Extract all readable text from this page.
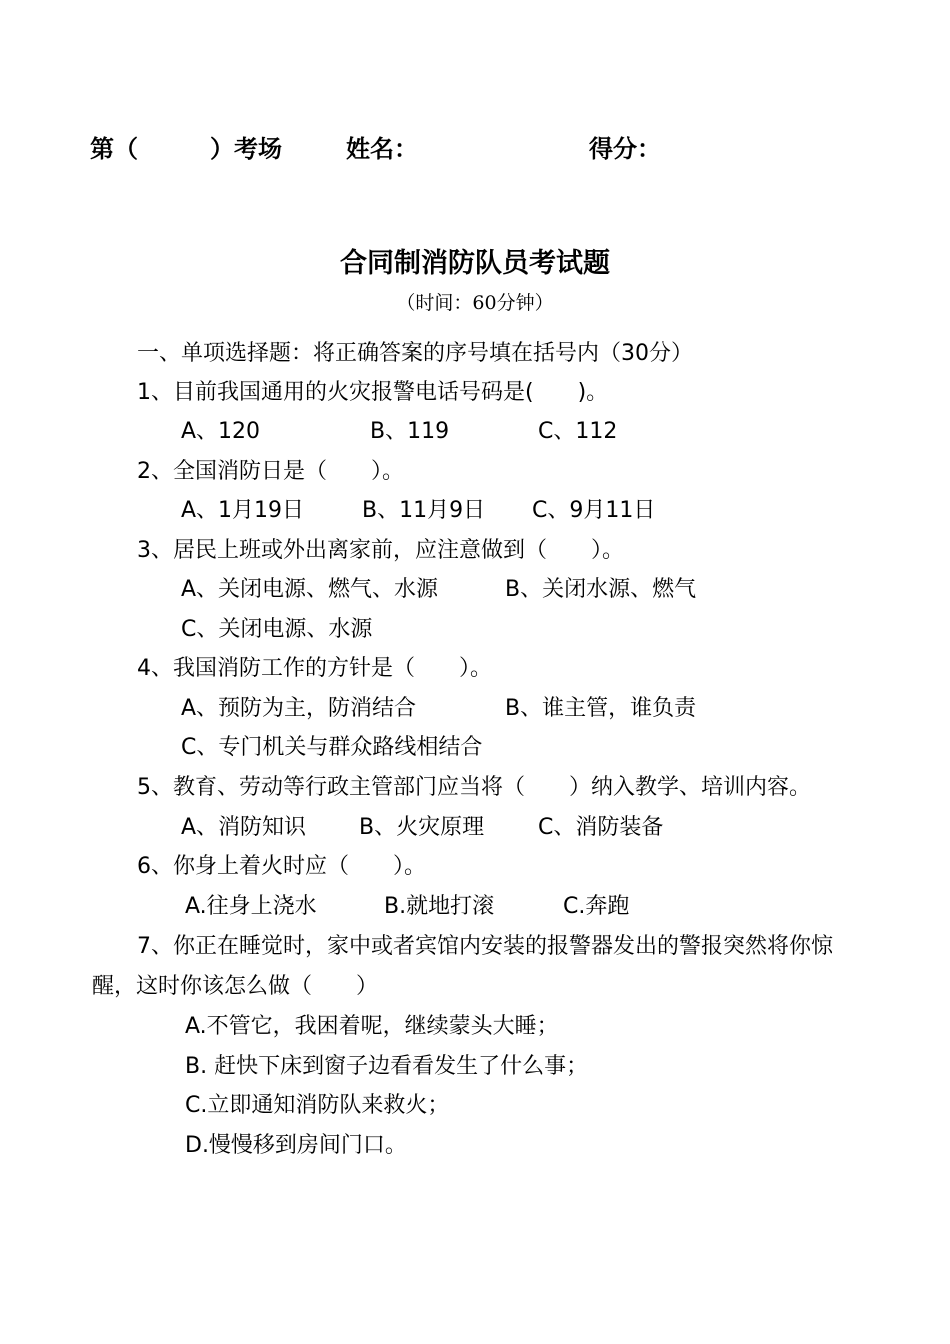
第（　　　）考场	姓名：	得分：
合同制消防队员考试题
（时间：60分钟）
一、单项选择题：将正确答案的序号填在括号内（30分）
1、目前我国通用的火灾报警电话号码是(　　)。
A、120	B、119	C、112
2、全国消防日是（　　）。
A、1月19日	B、11月9日 C、9月11日
3、居民上班或外出离家前，应注意做到（　　）。
A、关闭电源、燃气、水源	B、关闭水源、燃气
C、关闭电源、水源
4、我国消防工作的方针是（　　）。
A、预防为主，防消结合	B、谁主管，谁负责
C、专门机关与群众路线相结合
5、教育、劳动等行政主管部门应当将（　　）纳入教学、培训内容。
A、消防知识 B、火灾原理 C、消防装备
6、你身上着火时应（　　）。
A.往身上浇水	B.就地打滚	C.奔跑
7、你正在睡觉时，家中或者宾馆内安装的报警器发出的警报突然将你惊
醒，这时你该怎么做（　　）
A.不管它，我困着呢，继续蒙头大睡；
B. 赶快下床到窗子边看看发生了什么事；
C.立即通知消防队来救火；
D.慢慢移到房间门口。
